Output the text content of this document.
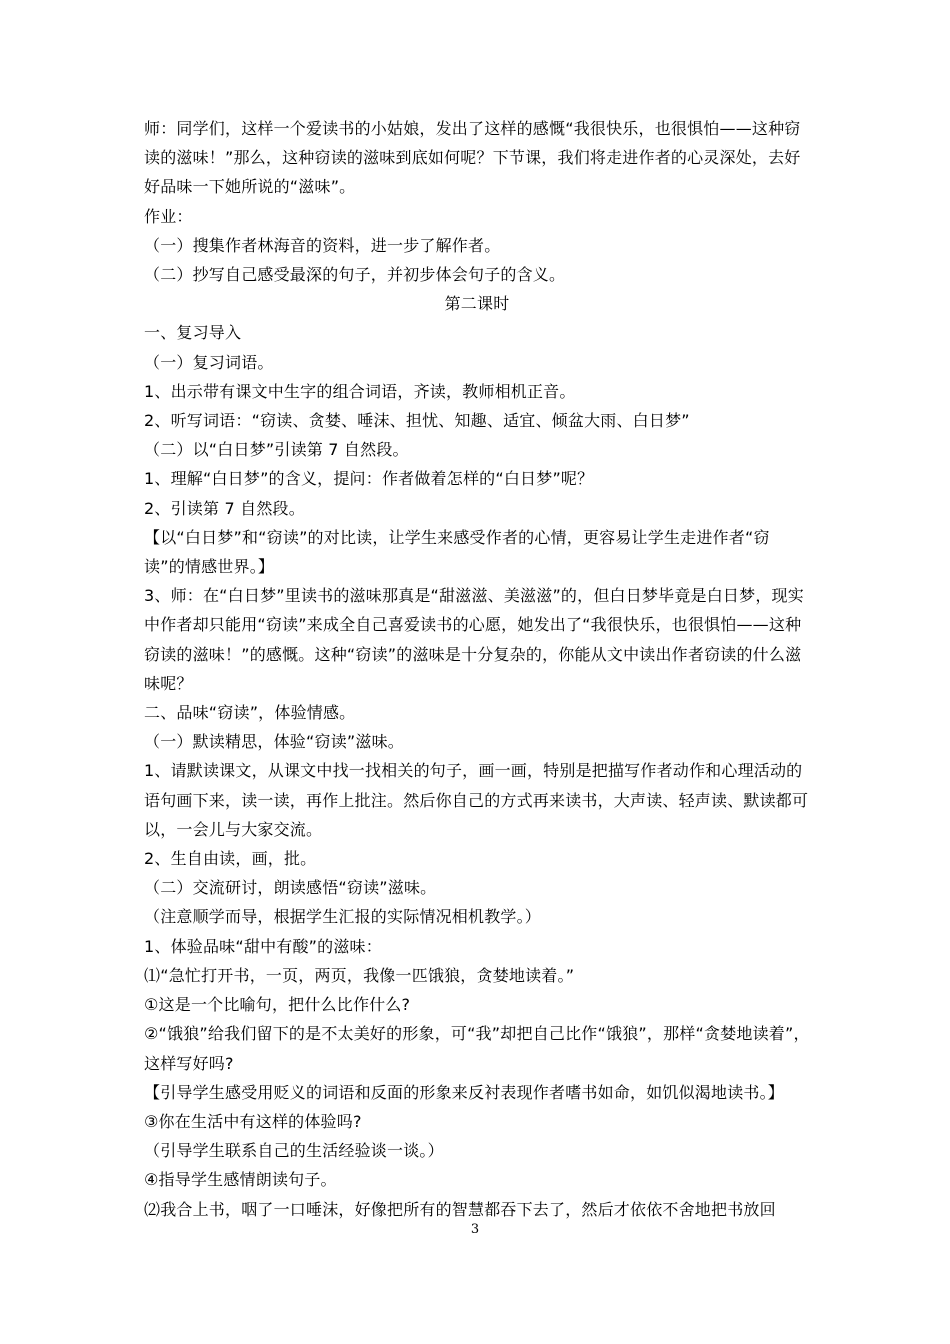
师：同学们，这样一个爱读书的小姑娘，发出了这样的感慨“我很快乐，也很惧怕——这种窃读的滋味！”那么，这种窃读的滋味到底如何呢？下节课，我们将走进作者的心灵深处，去好好品味一下她所说的“滋味”。

作业：

（一）搜集作者林海音的资料，进一步了解作者。

（二）抄写自己感受最深的句子，并初步体会句子的含义。

第二课时

一、复习导入

（一）复习词语。

1、出示带有课文中生字的组合词语，齐读，教师相机正音。

2、听写词语：“窃读、贪婪、唾沫、担忧、知趣、适宜、倾盆大雨、白日梦”

（二）以“白日梦”引读第 7 自然段。

1、理解“白日梦”的含义，提问：作者做着怎样的“白日梦”呢？

2、引读第 7 自然段。

【以“白日梦”和“窃读”的对比读，让学生来感受作者的心情，更容易让学生走进作者“窃读”的情感世界。】

3、师：在“白日梦”里读书的滋味那真是“甜滋滋、美滋滋”的，但白日梦毕竟是白日梦，现实中作者却只能用“窃读”来成全自己喜爱读书的心愿，她发出了“我很快乐，也很惧怕——这种窃读的滋味！”的感慨。这种“窃读”的滋味是十分复杂的，你能从文中读出作者窃读的什么滋味呢？

二、品味“窃读”，体验情感。

（一）默读精思，体验“窃读”滋味。

1、请默读课文，从课文中找一找相关的句子，画一画，特别是把描写作者动作和心理活动的语句画下来，读一读，再作上批注。然后你自己的方式再来读书，大声读、轻声读、默读都可以，一会儿与大家交流。

2、生自由读，画，批。

（二）交流研讨，朗读感悟“窃读”滋味。

（注意顺学而导，根据学生汇报的实际情况相机教学。）

1、体验品味“甜中有酸”的滋味：

⑴“急忙打开书，一页，两页，我像一匹饿狼，贪婪地读着。”

①这是一个比喻句，把什么比作什么?

②“饿狼”给我们留下的是不太美好的形象，可“我”却把自己比作“饿狼”，那样“贪婪地读着”，这样写好吗?

【引导学生感受用贬义的词语和反面的形象来反衬表现作者嗜书如命，如饥似渴地读书。】

③你在生活中有这样的体验吗?

（引导学生联系自己的生活经验谈一谈。）

④指导学生感情朗读句子。

⑵我合上书，咽了一口唾沫，好像把所有的智慧都吞下去了，然后才依依不舍地把书放回

3
